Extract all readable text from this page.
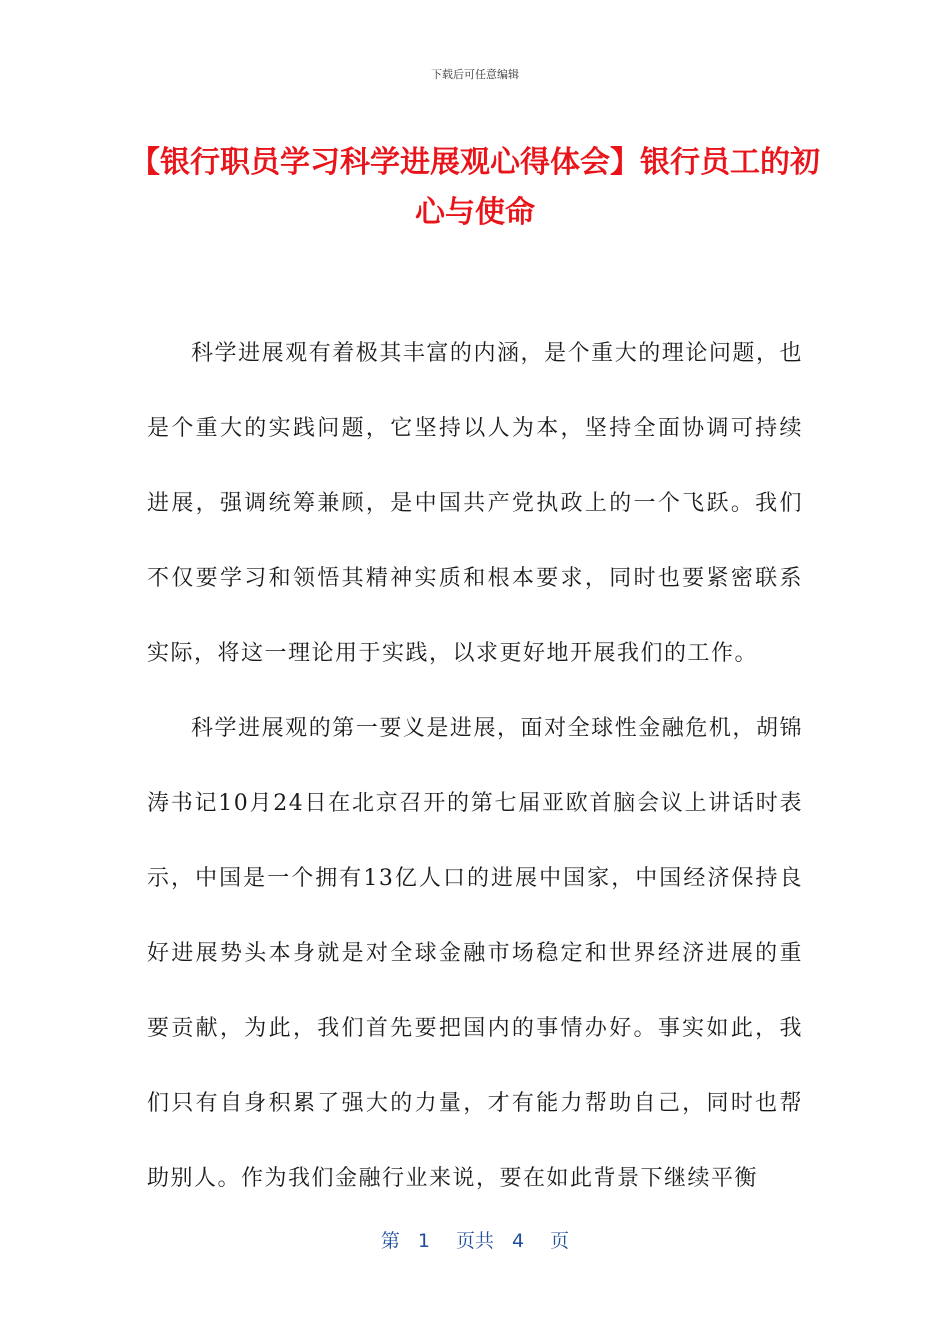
下载后可任意编辑
【银行职员学习科学进展观心得体会】银行员工的初心与使命

科学进展观有着极其丰富的内涵，是个重大的理论问题，也是个重大的实践问题，它坚持以人为本，坚持全面协调可持续进展，强调统筹兼顾，是中国共产党执政上的一个飞跃。我们不仅要学习和领悟其精神实质和根本要求，同时也要紧密联系实际，将这一理论用于实践，以求更好地开展我们的工作。

科学进展观的第一要义是进展，面对全球性金融危机，胡锦涛书记10月24日在北京召开的第七届亚欧首脑会议上讲话时表示，中国是一个拥有13亿人口的进展中国家，中国经济保持良好进展势头本身就是对全球金融市场稳定和世界经济进展的重要贡献，为此，我们首先要把国内的事情办好。事实如此，我们只有自身积累了强大的力量，才有能力帮助自己，同时也帮助别人。作为我们金融行业来说，要在如此背景下继续平衡

第 1 页共 4 页
